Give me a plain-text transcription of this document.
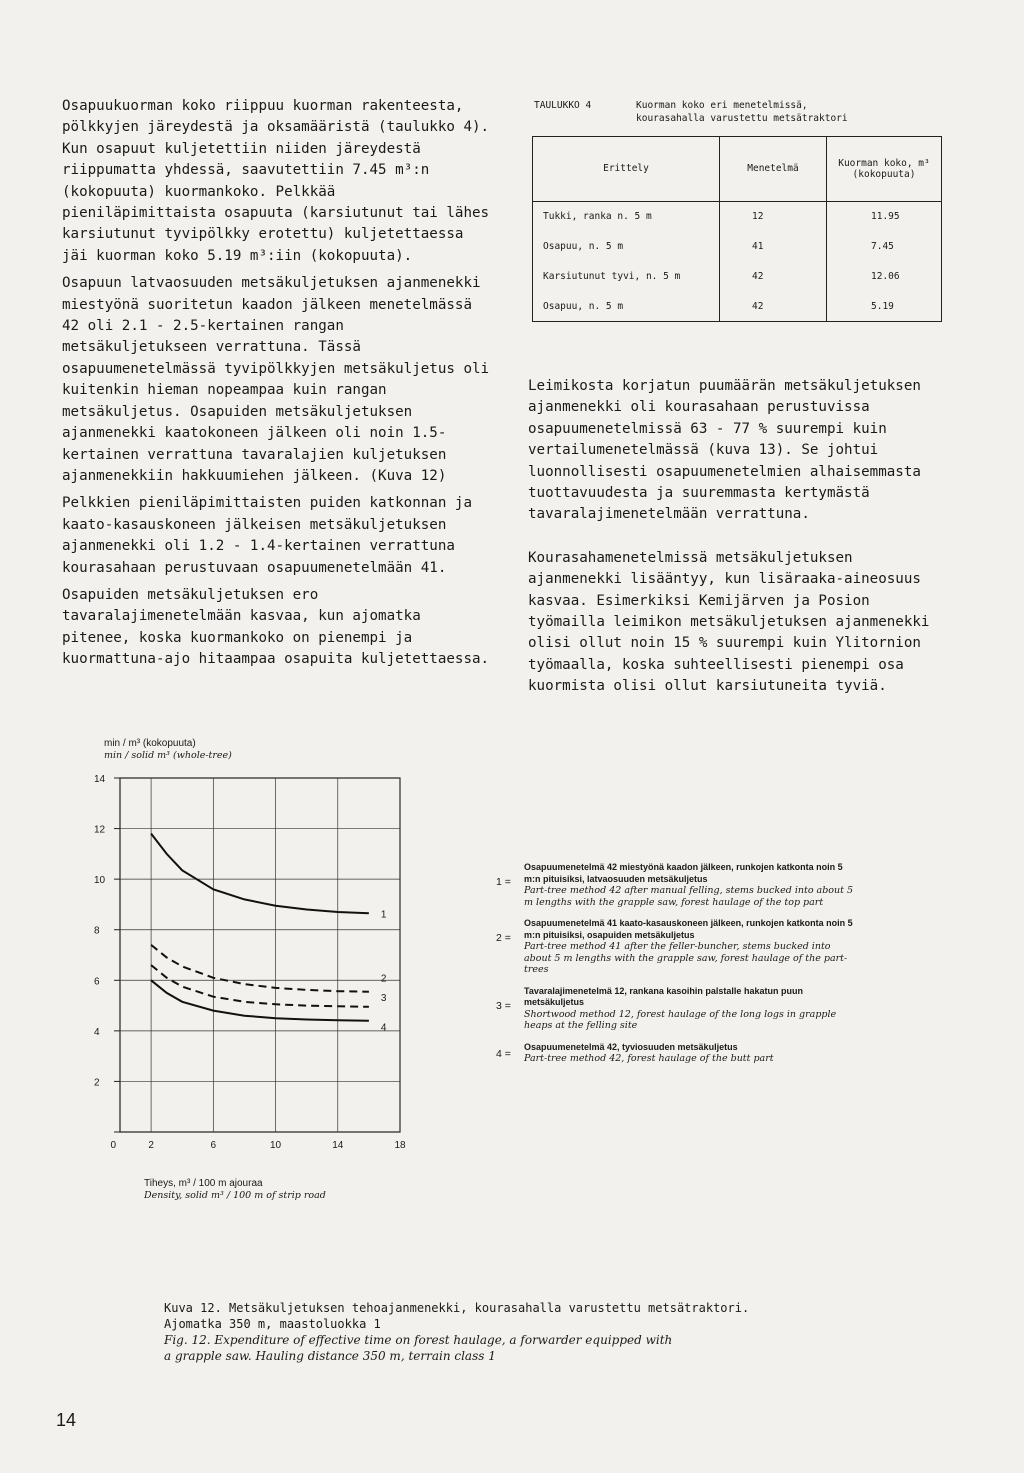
Osapuukuorman koko riippuu kuorman rakenteesta, pölkkyjen järeydestä ja oksamääristä (taulukko 4). Kun osapuut kuljetettiin niiden järeydestä riippumatta yhdessä, saavutettiin 7.45 m³:n (kokopuuta) kuormankoko. Pelkkää pieniläpimittaista osapuuta (karsiutunut tai lähes karsiutunut tyvipölkky erotettu) kuljetettaessa jäi kuorman koko 5.19 m³:iin (kokopuuta).

Osapuun latvaosuuden metsäkuljetuksen ajanmenekki miestyönä suoritetun kaadon jälkeen menetelmässä 42 oli 2.1 - 2.5-kertainen rangan metsäkuljetukseen verrattuna. Tässä osapuumenetelmässä tyvipölkkyjen metsäkuljetus oli kuitenkin hieman nopeampaa kuin rangan metsäkuljetus. Osapuiden metsäkuljetuksen ajanmenekki kaatokoneen jälkeen oli noin 1.5-kertainen verrattuna tavaralajien kuljetuksen ajanmenekkiin hakkuumiehen jälkeen. (Kuva 12)

Pelkkien pieniläpimittaisten puiden katkonnan ja kaato-kasauskoneen jälkeisen metsäkuljetuksen ajanmenekki oli 1.2 - 1.4-kertainen verrattuna kourasahaan perustuvaan osapuumenetelmään 41.

Osapuiden metsäkuljetuksen ero tavaralajimenetelmään kasvaa, kun ajomatka pitenee, koska kuormankoko on pienempi ja kuormattuna-ajo hitaampaa osapuita kuljetettaessa.

TAULUKKO 4	Kuorman koko eri menetelmissä,
kourasahalla varustettu metsätraktori
Erittely	Menetelmä	Kuorman koko, m³ (kokopuuta)
Tukki, ranka n. 5 m	12	11.95
Osapuu, n. 5 m	41	7.45
Karsiutunut tyvi, n. 5 m	42	12.06
Osapuu, n. 5 m	42	5.19

Leimikosta korjatun puumäärän metsäkuljetuksen ajanmenekki oli kourasahaan perustuvissa osapuumenetelmissä 63 - 77 % suurempi kuin vertailumenetelmässä (kuva 13). Se johtui luonnollisesti osapuumenetelmien alhaisemmasta tuottavuudesta ja suuremmasta kertymästä tavaralajimenetelmään verrattuna.

Kourasahamenetelmissä metsäkuljetuksen ajanmenekki lisääntyy, kun lisäraaka-aineosuus kasvaa. Esimerkiksi Kemijärven ja Posion työmailla leimikon metsäkuljetuksen ajanmenekki olisi ollut noin 15 % suurempi kuin Ylitornion työmaalla, koska suhteellisesti pienempi osa kuormista olisi ollut karsiutuneita tyviä.

min / m³ (kokopuuta)
min / solid m³ (whole-tree)
2	6	10	14	18
0
2
4
6
8
10
12
14
1
2
3
4
Tiheys, m³ / 100 m ajouraa
Density, solid m³ / 100 m of strip road
1 =
Osapuumenetelmä 42 miestyönä kaadon jälkeen, runkojen katkonta noin 5 m:n pituisiksi, latvaosuuden metsäkuljetus
Part-tree method 42 after manual felling, stems bucked into about 5 m lengths with the grapple saw, forest haulage of the top part
2 =
Osapuumenetelmä 41 kaato-kasauskoneen jälkeen, runkojen katkonta noin 5 m:n pituisiksi, osapuiden metsäkuljetus
Part-tree method 41 after the feller-buncher, stems bucked into about 5 m lengths with the grapple saw, forest haulage of the part-trees
3 =
Tavaralajimenetelmä 12, rankana kasoihin palstalle hakatun puun metsäkuljetus
Shortwood method 12, forest haulage of the long logs in grapple heaps at the felling site
4 =
Osapuumenetelmä 42, tyviosuuden metsäkuljetus
Part-tree method 42, forest haulage of the butt part
Kuva 12. Metsäkuljetuksen tehoajanmenekki, kourasahalla varustettu metsätraktori.
Ajomatka 350 m, maastoluokka 1
Fig. 12. Expenditure of effective time on forest haulage, a forwarder equipped with
a grapple saw. Hauling distance 350 m, terrain class 1
14
